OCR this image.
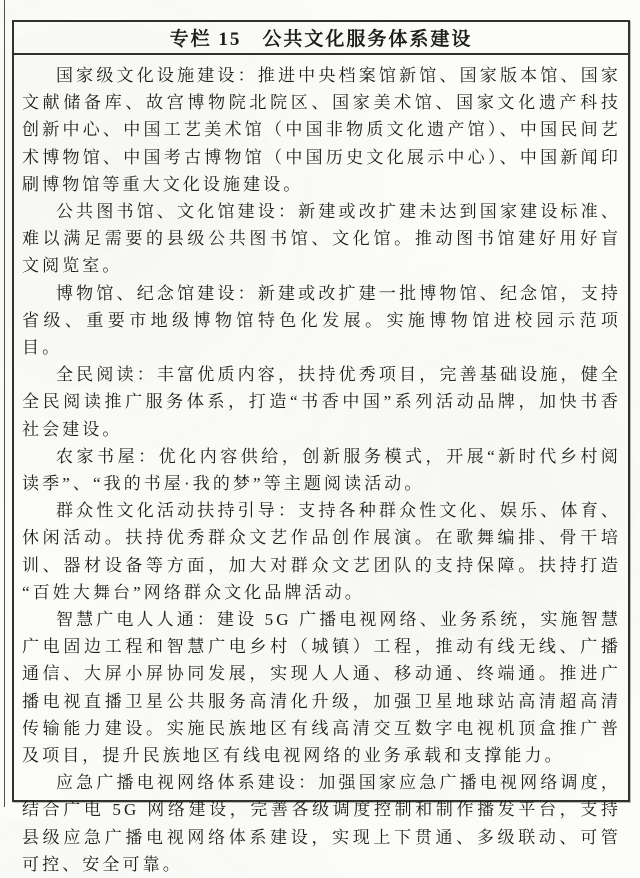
专栏 15　公共文化服务体系建设

国家级文化设施建设：推进中央档案馆新馆、国家版本馆、国家文献储备库、故宫博物院北院区、国家美术馆、国家文化遗产科技创新中心、中国工艺美术馆（中国非物质文化遗产馆）、中国民间艺术博物馆、中国考古博物馆（中国历史文化展示中心）、中国新闻印刷博物馆等重大文化设施建设。

公共图书馆、文化馆建设：新建或改扩建未达到国家建设标准、难以满足需要的县级公共图书馆、文化馆。推动图书馆建好用好盲文阅览室。

博物馆、纪念馆建设：新建或改扩建一批博物馆、纪念馆，支持省级、重要市地级博物馆特色化发展。实施博物馆进校园示范项目。

全民阅读：丰富优质内容，扶持优秀项目，完善基础设施，健全全民阅读推广服务体系，打造“书香中国”系列活动品牌，加快书香社会建设。

农家书屋：优化内容供给，创新服务模式，开展“新时代乡村阅读季”、“我的书屋·我的梦”等主题阅读活动。

群众性文化活动扶持引导：支持各种群众性文化、娱乐、体育、休闲活动。扶持优秀群众文艺作品创作展演。在歌舞编排、骨干培训、器材设备等方面，加大对群众文艺团队的支持保障。扶持打造“百姓大舞台”网络群众文化品牌活动。

智慧广电人人通：建设 5G 广播电视网络、业务系统，实施智慧广电固边工程和智慧广电乡村（城镇）工程，推动有线无线、广播通信、大屏小屏协同发展，实现人人通、移动通、终端通。推进广播电视直播卫星公共服务高清化升级，加强卫星地球站高清超高清传输能力建设。实施民族地区有线高清交互数字电视机顶盒推广普及项目，提升民族地区有线电视网络的业务承载和支撑能力。

应急广播电视网络体系建设：加强国家应急广播电视网络调度，结合广电 5G 网络建设，完善各级调度控制和制作播发平台，支持县级应急广播电视网络体系建设，实现上下贯通、多级联动、可管可控、安全可靠。
